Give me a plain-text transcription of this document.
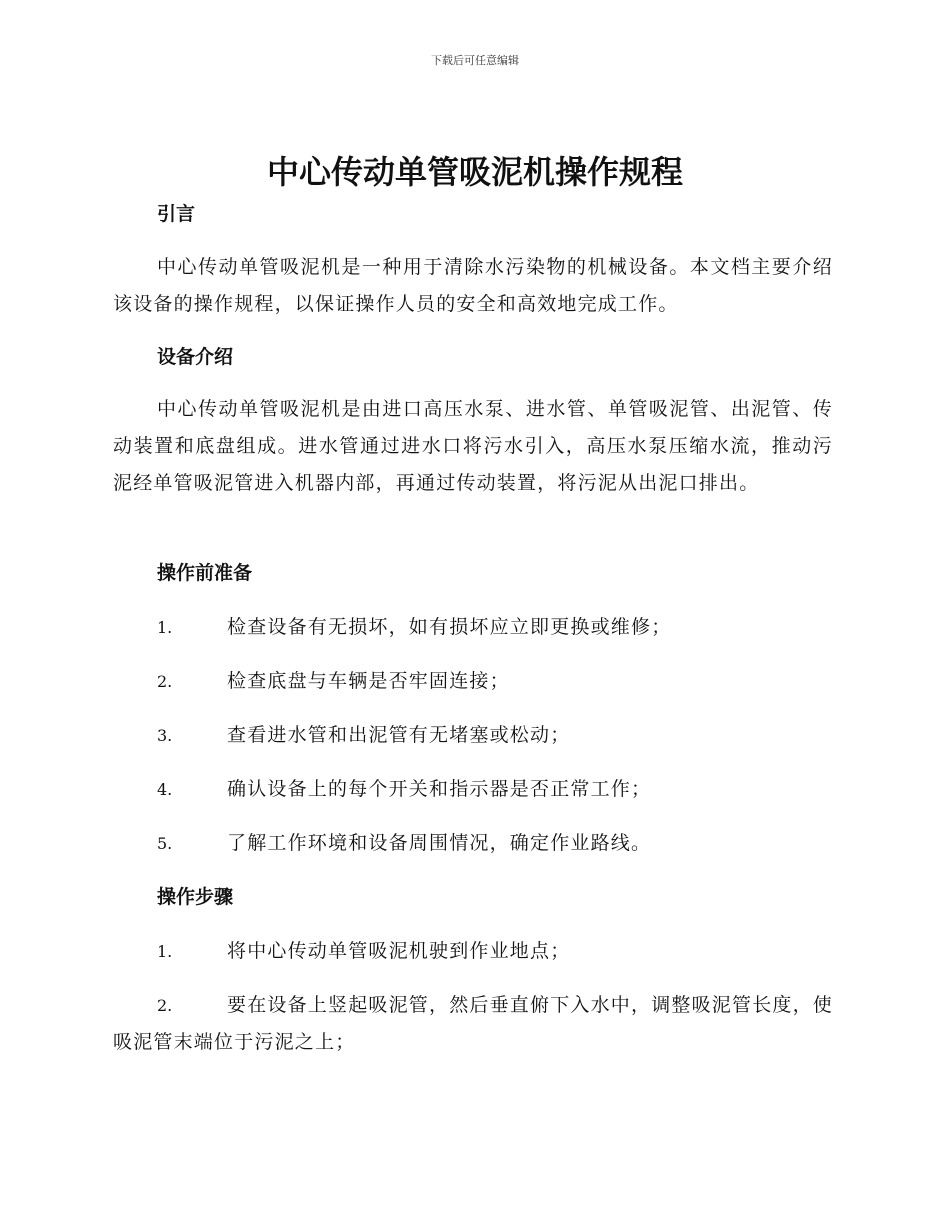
下载后可任意编辑
中心传动单管吸泥机操作规程
引言

中心传动单管吸泥机是一种用于清除水污染物的机械设备。本文档主要介绍该设备的操作规程，以保证操作人员的安全和高效地完成工作。

设备介绍

中心传动单管吸泥机是由进口高压水泵、进水管、单管吸泥管、出泥管、传动装置和底盘组成。进水管通过进水口将污水引入，高压水泵压缩水流，推动污泥经单管吸泥管进入机器内部，再通过传动装置，将污泥从出泥口排出。

操作前准备

1.	检查设备有无损坏，如有损坏应立即更换或维修；

2.	检查底盘与车辆是否牢固连接；

3.	查看进水管和出泥管有无堵塞或松动；

4.	确认设备上的每个开关和指示器是否正常工作；

5.	了解工作环境和设备周围情况，确定作业路线。

操作步骤

1.	将中心传动单管吸泥机驶到作业地点；

2.	要在设备上竖起吸泥管，然后垂直俯下入水中，调整吸泥管长度，使吸泥管末端位于污泥之上；
